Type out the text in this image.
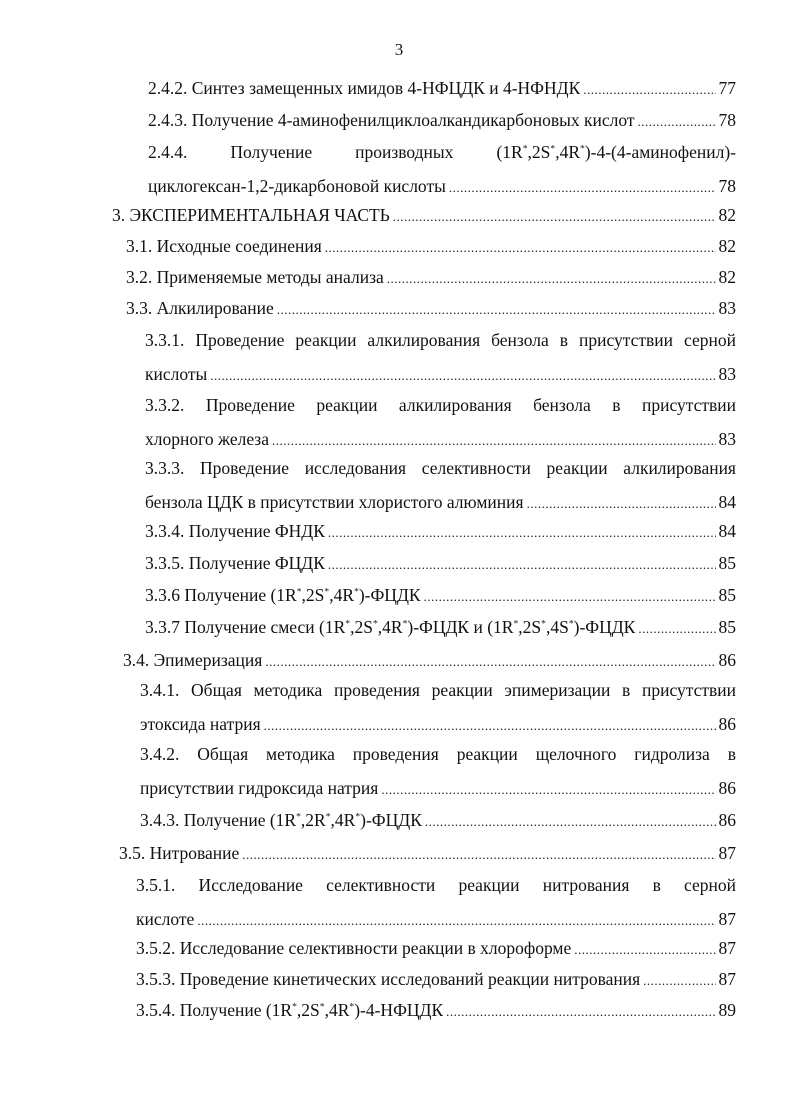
3
2.4.2. Синтез замещенных имидов 4-НФЦДК и 4-НФНДК .....	77
2.4.3. Получение 4-аминофенилциклоалкандикарбоновых кислот .....	78
2.4.4. Получение производных (1R*,2S*,4R*)-4-(4-аминофенил)-
циклогексан-1,2-дикарбоновой кислоты .....	78
3. ЭКСПЕРИМЕНТАЛЬНАЯ ЧАСТЬ .....	82
3.1. Исходные соединения .....	82
3.2. Применяемые методы анализа .....	82
3.3. Алкилирование .....	83
3.3.1. Проведение реакции алкилирования бензола в присутствии серной
кислоты .....	83
3.3.2. Проведение реакции алкилирования бензола в присутствии
хлорного железа .....	83
3.3.3. Проведение исследования селективности реакции алкилирования
бензола ЦДК в присутствии хлористого алюминия .....	84
3.3.4. Получение ФНДК .....	84
3.3.5. Получение ФЦДК .....	85
3.3.6 Получение (1R*,2S*,4R*)-ФЦДК .....	85
3.3.7 Получение смеси (1R*,2S*,4R*)-ФЦДК и (1R*,2S*,4S*)-ФЦДК .....	85
3.4. Эпимеризация .....	86
3.4.1. Общая методика проведения реакции эпимеризации в присутствии
этоксида натрия .....	86
3.4.2. Общая методика проведения реакции щелочного гидролиза в
присутствии гидроксида натрия .....	86
3.4.3. Получение (1R*,2R*,4R*)-ФЦДК .....	86
3.5. Нитрование .....	87
3.5.1. Исследование селективности реакции нитрования в серной
кислоте .....	87
3.5.2. Исследование селективности реакции в хлороформе .....	87
3.5.3. Проведение кинетических исследований реакции нитрования .....	87
3.5.4. Получение (1R*,2S*,4R*)-4-НФЦДК .....	89
